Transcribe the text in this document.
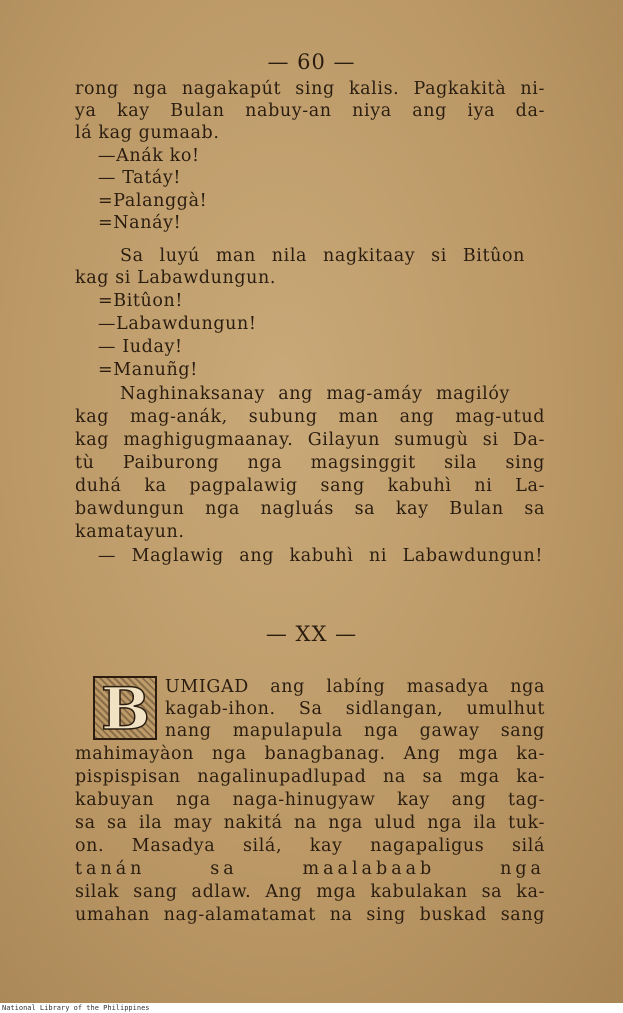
— 60 —
rong nga nagakapút sing kalis. Pagkakità ni-
ya kay Bulan nabuy-an niya ang iya da-
lá kag gumaab.
—Anák ko!
— Tatáy!
=Palanggà!
=Nanáy!
Sa luyú man nila nagkitaay si Bitûon
kag si Labawdungun.
=Bitûon!
—Labawdungun!
— Iuday!
=Manuñg!
Naghinaksanay ang mag-amáy magilóy
kag mag-anák, subung man ang mag-utud
kag maghigugmaanay. Gilayun sumugù si Da-
tù Paiburong nga magsinggit sila sing
duhá ka pagpalawig sang kabuhì ni La-
bawdungun nga nagluás sa kay Bulan sa
kamatayun.
— Maglawig ang kabuhì ni Labawdungun!
— XX —
B UMIGAD ang labíng masadya nga
kagab-ihon. Sa sidlangan, umulhut
nang mapulapula nga gaway sang
mahimayàon nga banagbanag. Ang mga ka-
pispispisan nagalinupadlupad na sa mga ka-
kabuyan nga naga-hinugyaw kay ang tag-
sa sa ila may nakitá na nga ulud nga ila tuk-
on. Masadya silá, kay nagapaligus silá
tanán sa maalabaab nga
silak sang adlaw. Ang mga kabulakan sa ka-
umahan nag-alamatamat na sing buskad sang
National Library of the Philippines
